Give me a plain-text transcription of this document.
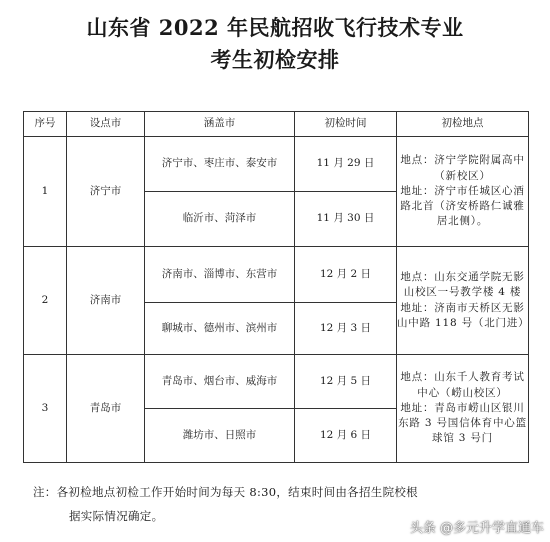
山东省 2022 年民航招收飞行技术专业
考生初检安排
序号	设点市	涵盖市	初检时间	初检地点
1	济宁市	济宁市、枣庄市、泰安市	11 月 29 日	地点：济宁学院附属高中（新校区）
地址：济宁市任城区心酒路北首（济安桥路仁诚雅居北侧）。

		临沂市、菏泽市	11 月 30 日	
2	济南市	济南市、淄博市、东营市	12 月 2 日	地点：山东交通学院无影山校区一号教学楼 4 楼
地址：济南市天桥区无影山中路 118 号（北门进）

		聊城市、德州市、滨州市	12 月 3 日	
3	青岛市	青岛市、烟台市、威海市	12 月 5 日	地点：山东千人教育考试中心（崂山校区）
地址：青岛市崂山区银川东路 3 号国信体育中心篮球馆 3 号门

		潍坊市、日照市	12 月 6 日	
注：各初检地点初检工作开始时间为每天 8:30，结束时间由各招生院校根
据实际情况确定。
头条 @多元升学直通车
